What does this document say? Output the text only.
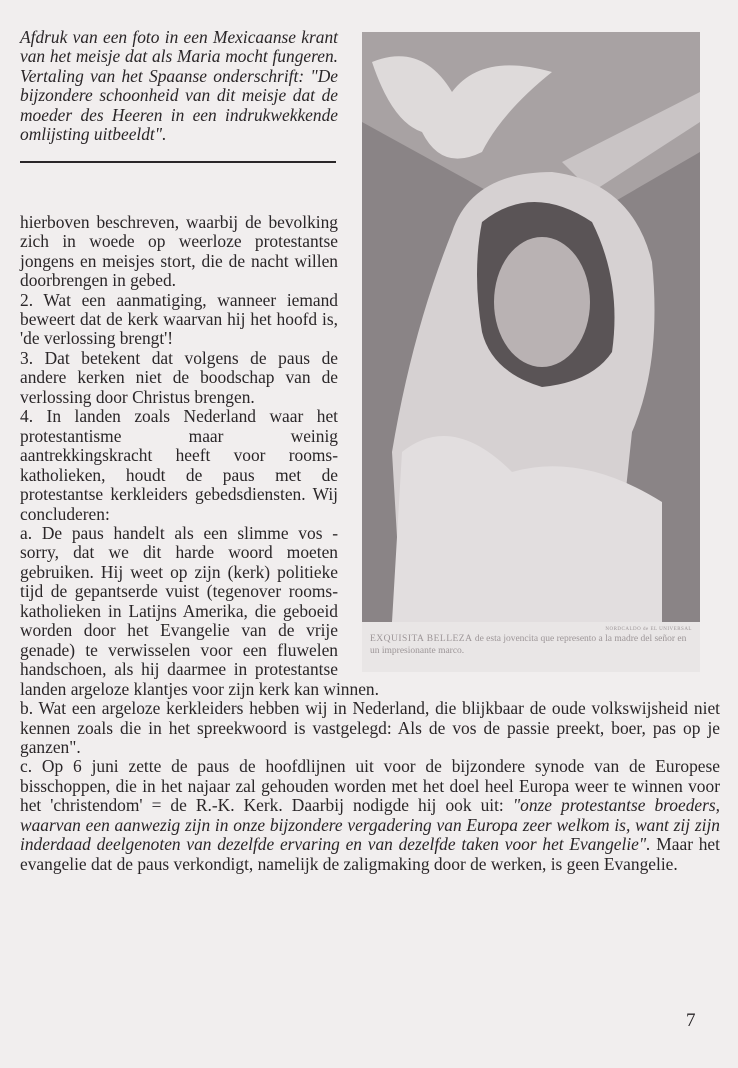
NORDCALDO de EL UNIVERSAL
EXQUISITA BELLEZA de esta jovencita que represento a la madre del señor en un impresionante marco.

Afdruk van een foto in een Mexicaanse krant van het meisje dat als Maria mocht fungeren. Vertaling van het Spaanse onderschrift: "De bijzondere schoonheid van dit meisje dat de moeder des Heeren in een indrukwekkende omlijsting uitbeeldt".

hierboven beschreven, waarbij de bevolking zich in woede op weerloze protestantse jongens en meisjes stort, die de nacht willen doorbrengen in gebed.

2. Wat een aanmatiging, wanneer iemand beweert dat de kerk waarvan hij het hoofd is, 'de verlossing brengt'!

3. Dat betekent dat volgens de paus de andere kerken niet de boodschap van de verlossing door Christus brengen.

4. In landen zoals Nederland waar het protestantisme maar weinig aantrekkingskracht heeft voor rooms-katholieken, houdt de paus met de protestantse kerkleiders gebedsdiensten. Wij concluderen:

a. De paus handelt als een slimme vos - sorry, dat we dit harde woord moeten gebruiken. Hij weet op zijn (kerk) politieke tijd de gepantserde vuist (tegenover rooms-katholieken in Latijns Amerika, die geboeid worden door het Evangelie van de vrije genade) te verwisselen voor een fluwelen handschoen, als hij daarmee in protestantse landen argeloze klantjes voor zijn kerk kan winnen.

b. Wat een argeloze kerkleiders hebben wij in Nederland, die blijkbaar de oude volkswijsheid niet kennen zoals die in het spreekwoord is vastgelegd: Als de vos de passie preekt, boer, pas op je ganzen".

c. Op 6 juni zette de paus de hoofdlijnen uit voor de bijzondere synode van de Europese bisschoppen, die in het najaar zal gehouden worden met het doel heel Europa weer te winnen voor het 'christendom' = de R.-K. Kerk. Daarbij nodigde hij ook uit: "onze protestantse broeders, waarvan een aanwezig zijn in onze bijzondere vergadering van Europa zeer welkom is, want zij zijn inderdaad deelgenoten van dezelfde ervaring en van dezelfde taken voor het Evangelie". Maar het evangelie dat de paus verkondigt, namelijk de zaligmaking door de werken, is geen Evangelie.

7
